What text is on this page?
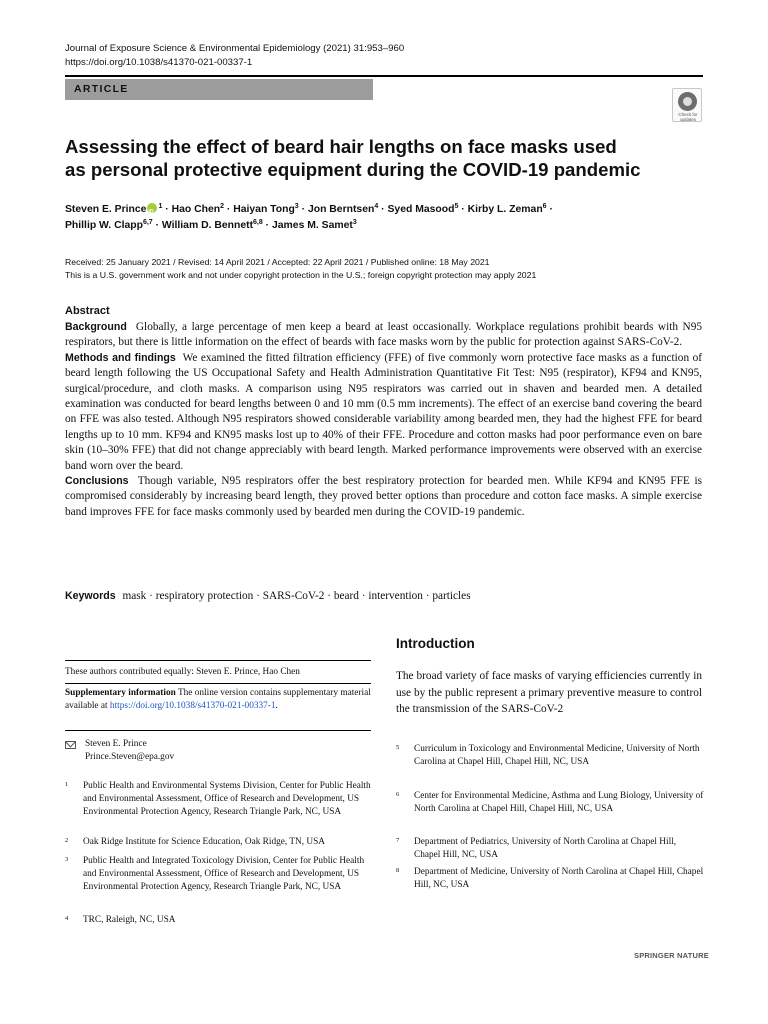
Journal of Exposure Science & Environmental Epidemiology (2021) 31:953–960
https://doi.org/10.1038/s41370-021-00337-1
ARTICLE
Check for updates
Assessing the effect of beard hair lengths on face masks used
as personal protective equipment during the COVID-19 pandemic
Steven E. PrinceiD $^1$ · Hao Chen$^2$ · Haiyan Tong$^3$ · Jon Berntsen$^4$ · Syed Masood$^5$ · Kirby L. Zeman$^6$ ·
Phillip W. Clapp$^{6,7}$ · William D. Bennett$^{6,8}$ · James M. Samet$^3$
Received: 25 January 2021 / Revised: 14 April 2021 / Accepted: 22 April 2021 / Published online: 18 May 2021
This is a U.S. government work and not under copyright protection in the U.S.; foreign copyright protection may apply 2021
Abstract

Background Globally, a large percentage of men keep a beard at least occasionally. Workplace regulations prohibit beards with N95 respirators, but there is little information on the effect of beards with face masks worn by the public for protection against SARS-CoV-2.

Methods and findings We examined the fitted filtration efficiency (FFE) of five commonly worn protective face masks as a function of beard length following the US Occupational Safety and Health Administration Quantitative Fit Test: N95 (respirator), KF94 and KN95, surgical/procedure, and cloth masks. A comparison using N95 respirators was carried out in shaven and bearded men. A detailed examination was conducted for beard lengths between 0 and 10 mm (0.5 mm increments). The effect of an exercise band covering the beard on FFE was also tested. Although N95 respirators showed considerable variability among bearded men, they had the highest FFE for beard lengths up to 10 mm. KF94 and KN95 masks lost up to 40% of their FFE. Procedure and cotton masks had poor performance even on bare skin (10–30% FFE) that did not change appreciably with beard length. Marked performance improvements were observed with an exercise band worn over the beard.

Conclusions Though variable, N95 respirators offer the best respiratory protection for bearded men. While KF94 and KN95 FFE is compromised considerably by increasing beard length, they proved better options than procedure and cotton face masks. A simple exercise band improves FFE for face masks commonly used by bearded men during the COVID-19 pandemic.

Keywords mask · respiratory protection · SARS-CoV-2 · beard · intervention · particles
Introduction
The broad variety of face masks of varying efficiencies currently in use by the public represent a primary preventive measure to control the transmission of the SARS-CoV-2
These authors contributed equally: Steven E. Prince, Hao Chen
Supplementary information The online version contains supplementary material available at https://doi.org/10.1038/s41370-021-00337-1.
Steven E. Prince
Prince.Steven@epa.gov
1 Public Health and Environmental Systems Division, Center for Public Health and Environmental Assessment, Office of Research and Development, US Environmental Protection Agency, Research Triangle Park, NC, USA
2 Oak Ridge Institute for Science Education, Oak Ridge, TN, USA
3 Public Health and Integrated Toxicology Division, Center for Public Health and Environmental Assessment, Office of Research and Development, US Environmental Protection Agency, Research Triangle Park, NC, USA
4 TRC, Raleigh, NC, USA
5 Curriculum in Toxicology and Environmental Medicine, University of North Carolina at Chapel Hill, Chapel Hill, NC, USA
6 Center for Environmental Medicine, Asthma and Lung Biology, University of North Carolina at Chapel Hill, Chapel Hill, NC, USA
7 Department of Pediatrics, University of North Carolina at Chapel Hill, Chapel Hill, NC, USA
8 Department of Medicine, University of North Carolina at Chapel Hill, Chapel Hill, NC, USA
SPRINGER NATURE
